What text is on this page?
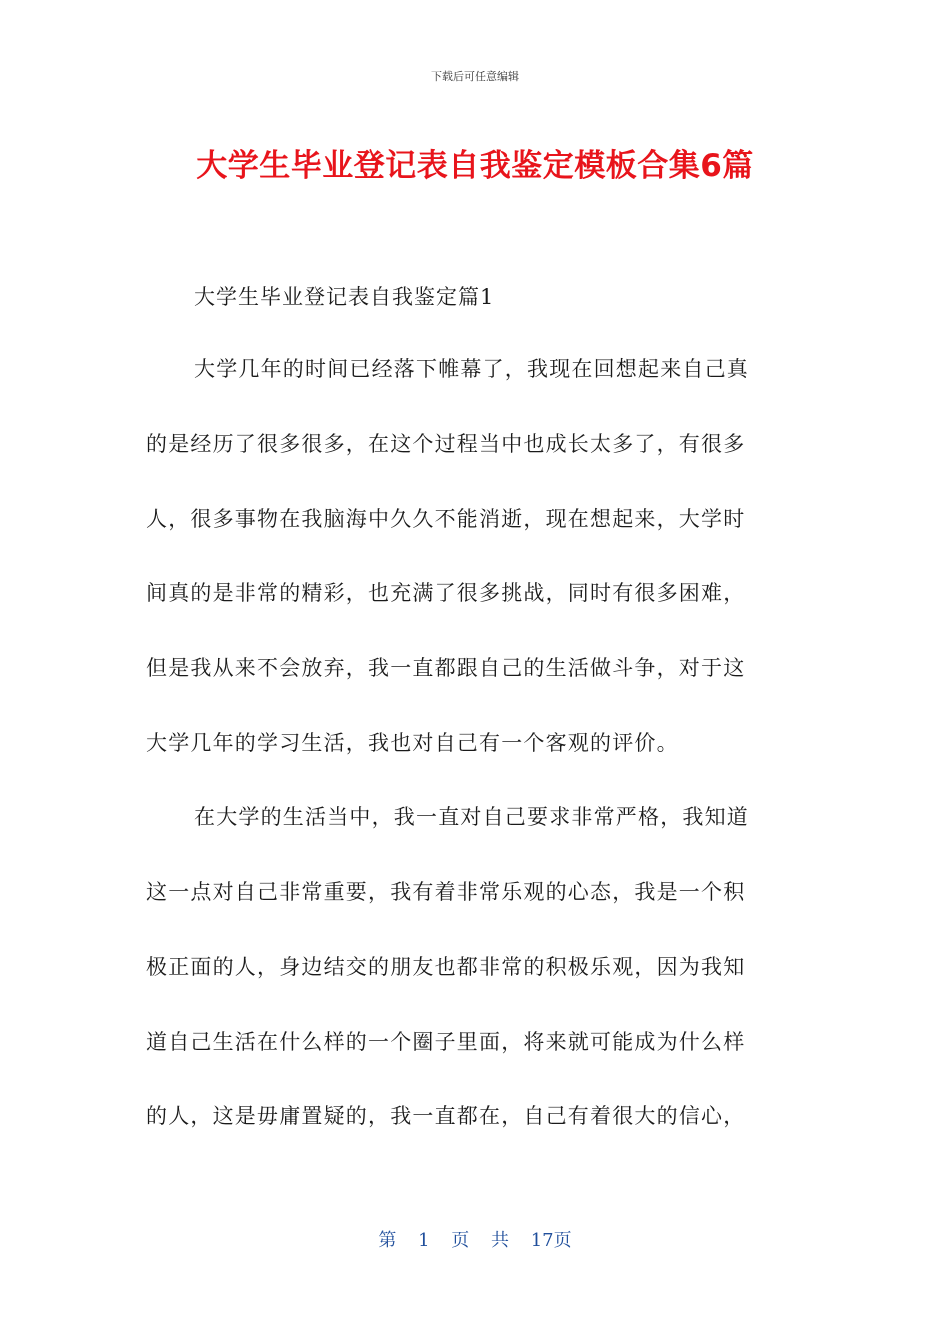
下载后可任意编辑
大学生毕业登记表自我鉴定模板合集6篇
大学生毕业登记表自我鉴定篇1
大学几年的时间已经落下帷幕了，我现在回想起来自己真
的是经历了很多很多，在这个过程当中也成长太多了，有很多
人，很多事物在我脑海中久久不能消逝，现在想起来，大学时
间真的是非常的精彩，也充满了很多挑战，同时有很多困难，
但是我从来不会放弃，我一直都跟自己的生活做斗争，对于这
大学几年的学习生活，我也对自己有一个客观的评价。
在大学的生活当中，我一直对自己要求非常严格，我知道
这一点对自己非常重要，我有着非常乐观的心态，我是一个积
极正面的人，身边结交的朋友也都非常的积极乐观，因为我知
道自己生活在什么样的一个圈子里面，将来就可能成为什么样
的人，这是毋庸置疑的，我一直都在，自己有着很大的信心，
第 1 页 共 17页
